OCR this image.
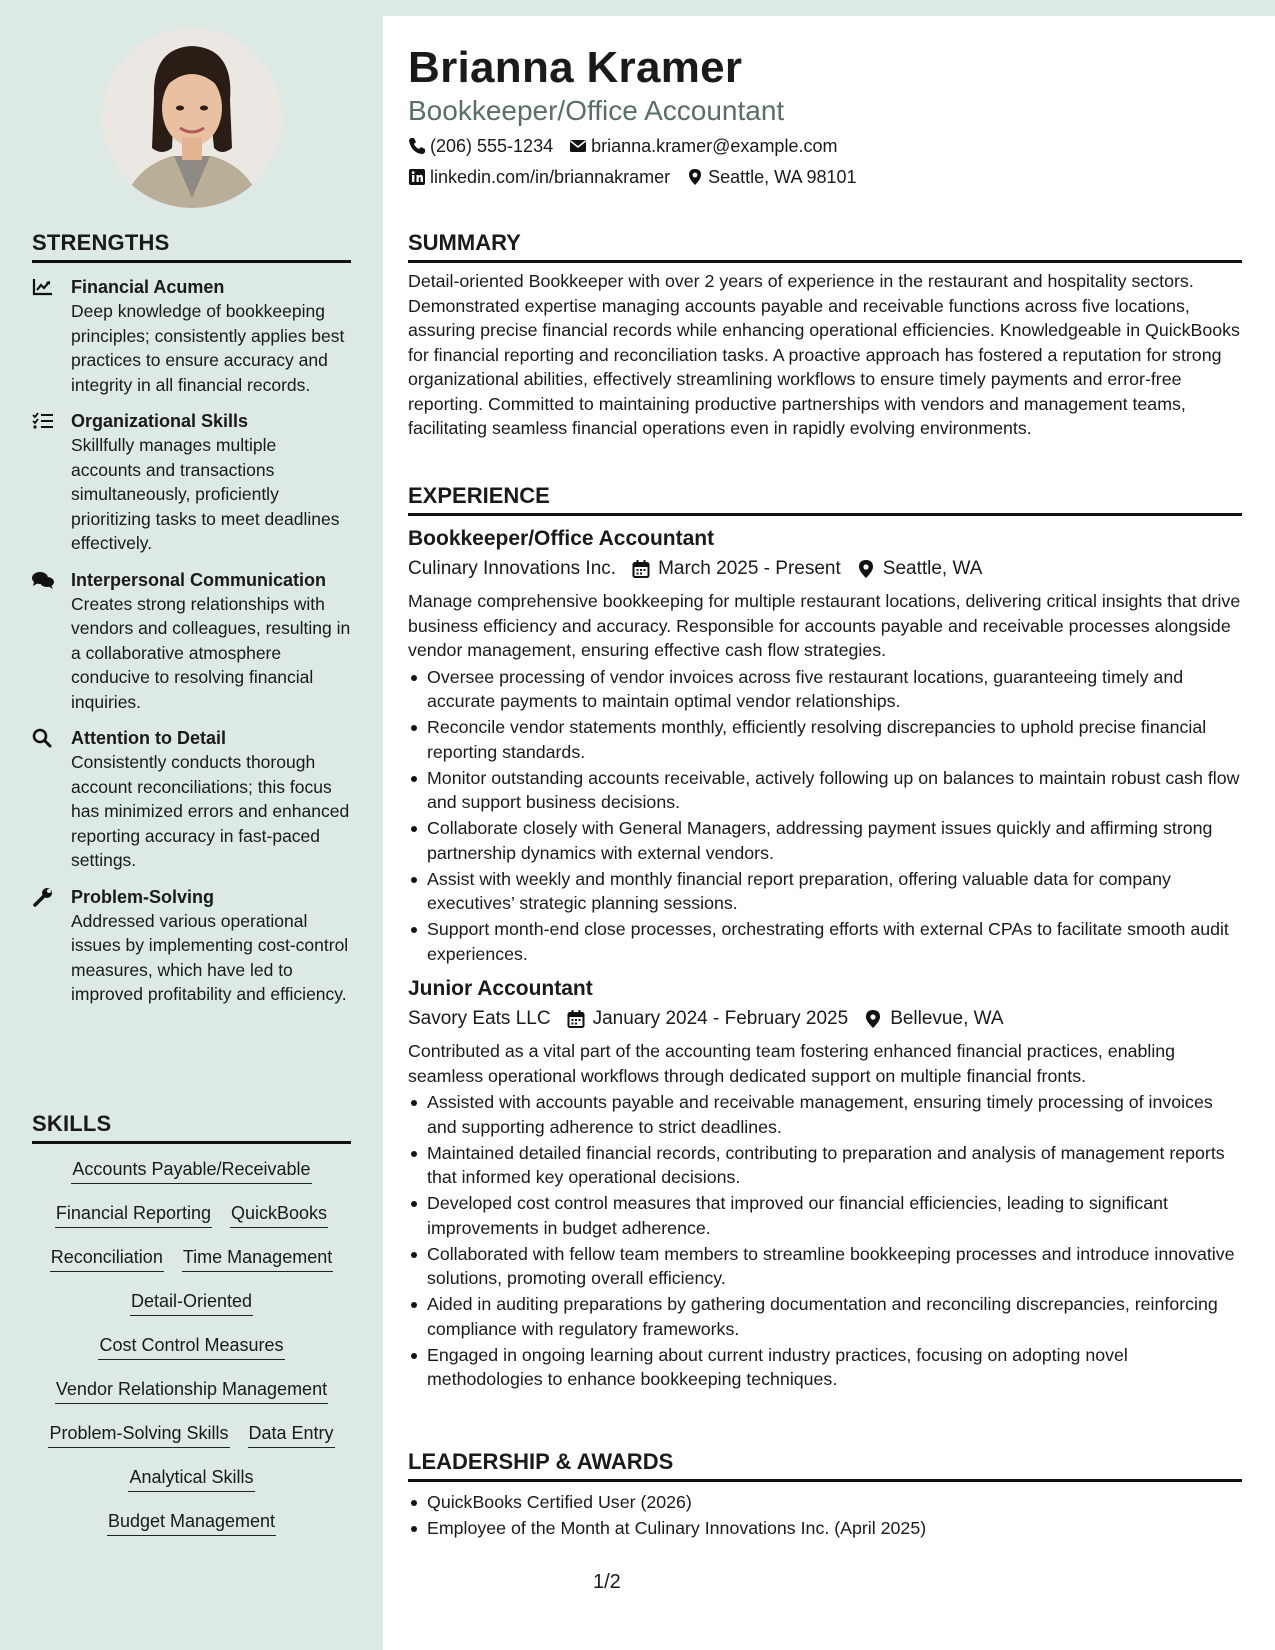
STRENGTHS
Financial Acumen
Deep knowledge of bookkeeping principles; consistently applies best practices to ensure accuracy and integrity in all financial records.
Organizational Skills
Skillfully manages multiple accounts and transactions simultaneously, proficiently prioritizing tasks to meet deadlines effectively.
Interpersonal Communication
Creates strong relationships with vendors and colleagues, resulting in a collaborative atmosphere conducive to resolving financial inquiries.
Attention to Detail
Consistently conducts thorough account reconciliations; this focus has minimized errors and enhanced reporting accuracy in fast-paced settings.
Problem-Solving
Addressed various operational issues by implementing cost-control measures, which have led to improved profitability and efficiency.
SKILLS
Accounts Payable/Receivable
Financial Reporting QuickBooks
Reconciliation Time Management
Detail-Oriented
Cost Control Measures
Vendor Relationship Management
Problem-Solving Skills Data Entry
Analytical Skills
Budget Management
Brianna Kramer
Bookkeeper/Office Accountant
(206) 555-1234 brianna.kramer@example.com
linkedin.com/in/briannakramer Seattle, WA 98101
SUMMARY
Detail-oriented Bookkeeper with over 2 years of experience in the restaurant and hospitality sectors. Demonstrated expertise managing accounts payable and receivable functions across five locations, assuring precise financial records while enhancing operational efficiencies. Knowledgeable in QuickBooks for financial reporting and reconciliation tasks. A proactive approach has fostered a reputation for strong organizational abilities, effectively streamlining workflows to ensure timely payments and error-free reporting. Committed to maintaining productive partnerships with vendors and management teams, facilitating seamless financial operations even in rapidly evolving environments.
EXPERIENCE
Bookkeeper/Office Accountant
Culinary Innovations Inc. March 2025 - Present Seattle, WA
Manage comprehensive bookkeeping for multiple restaurant locations, delivering critical insights that drive business efficiency and accuracy. Responsible for accounts payable and receivable processes alongside vendor management, ensuring effective cash flow strategies.
Oversee processing of vendor invoices across five restaurant locations, guaranteeing timely and accurate payments to maintain optimal vendor relationships.
Reconcile vendor statements monthly, efficiently resolving discrepancies to uphold precise financial reporting standards.
Monitor outstanding accounts receivable, actively following up on balances to maintain robust cash flow and support business decisions.
Collaborate closely with General Managers, addressing payment issues quickly and affirming strong partnership dynamics with external vendors.
Assist with weekly and monthly financial report preparation, offering valuable data for company executives’ strategic planning sessions.
Support month-end close processes, orchestrating efforts with external CPAs to facilitate smooth audit experiences.
Junior Accountant
Savory Eats LLC January 2024 - February 2025 Bellevue, WA
Contributed as a vital part of the accounting team fostering enhanced financial practices, enabling seamless operational workflows through dedicated support on multiple financial fronts.
Assisted with accounts payable and receivable management, ensuring timely processing of invoices and supporting adherence to strict deadlines.
Maintained detailed financial records, contributing to preparation and analysis of management reports that informed key operational decisions.
Developed cost control measures that improved our financial efficiencies, leading to significant improvements in budget adherence.
Collaborated with fellow team members to streamline bookkeeping processes and introduce innovative solutions, promoting overall efficiency.
Aided in auditing preparations by gathering documentation and reconciling discrepancies, reinforcing compliance with regulatory frameworks.
Engaged in ongoing learning about current industry practices, focusing on adopting novel methodologies to enhance bookkeeping techniques.
LEADERSHIP & AWARDS
QuickBooks Certified User (2026)
Employee of the Month at Culinary Innovations Inc. (April 2025)
1/2
